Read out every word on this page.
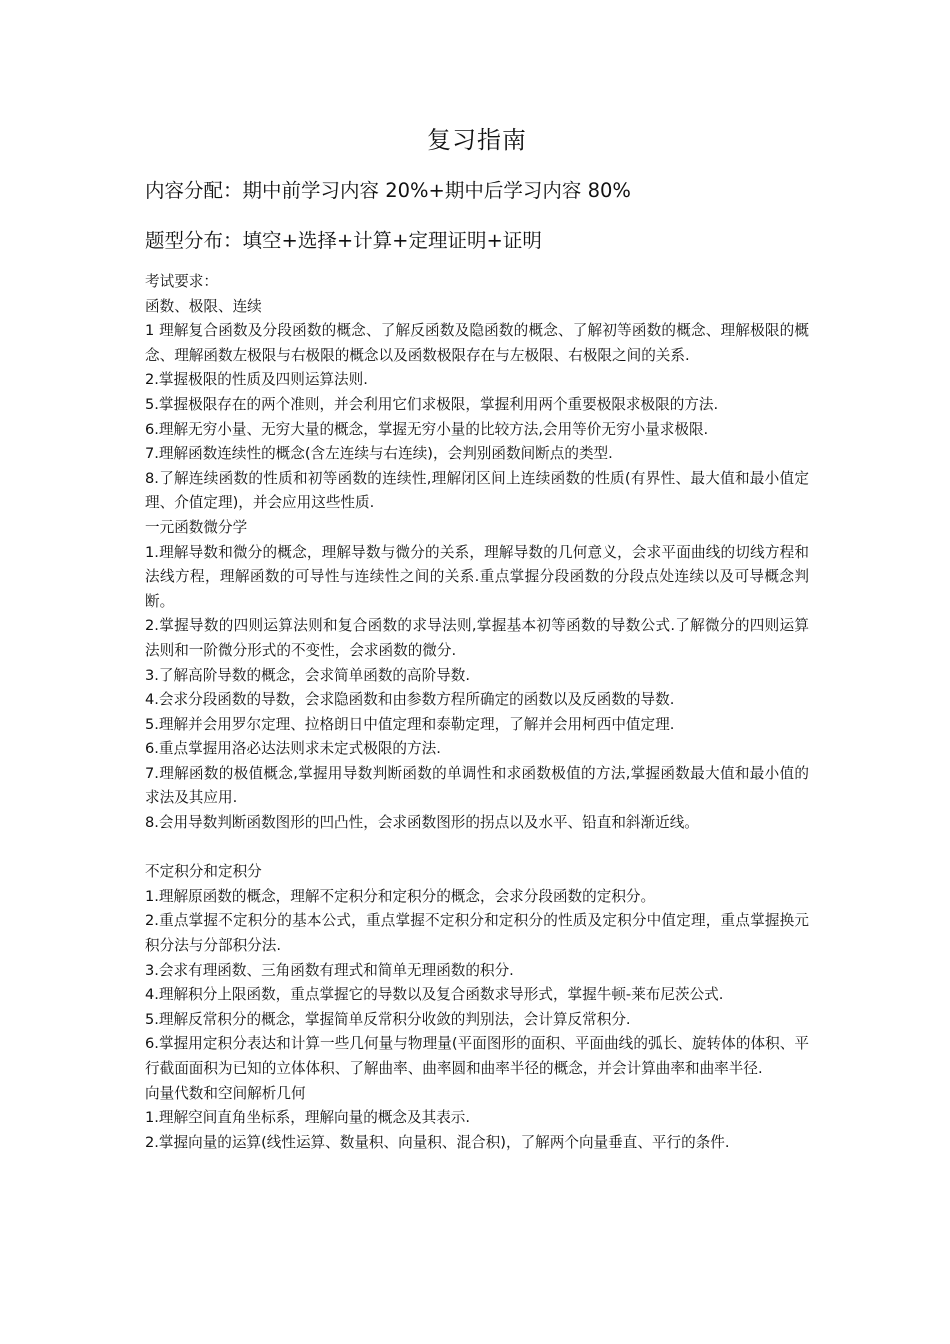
复习指南
内容分配：期中前学习内容 20%+期中后学习内容 80%
题型分布：填空+选择+计算+定理证明+证明
考试要求：
函数、极限、连续
1 理解复合函数及分段函数的概念、了解反函数及隐函数的概念、了解初等函数的概念、理解极限的概念、理解函数左极限与右极限的概念以及函数极限存在与左极限、右极限之间的关系.
2.掌握极限的性质及四则运算法则.
5.掌握极限存在的两个准则，并会利用它们求极限，掌握利用两个重要极限求极限的方法.
6.理解无穷小量、无穷大量的概念，掌握无穷小量的比较方法,会用等价无穷小量求极限.
7.理解函数连续性的概念(含左连续与右连续)，会判别函数间断点的类型.
8.了解连续函数的性质和初等函数的连续性,理解闭区间上连续函数的性质(有界性、最大值和最小值定理、介值定理)，并会应用这些性质.
一元函数微分学
1.理解导数和微分的概念，理解导数与微分的关系，理解导数的几何意义，会求平面曲线的切线方程和法线方程，理解函数的可导性与连续性之间的关系.重点掌握分段函数的分段点处连续以及可导概念判断。
2.掌握导数的四则运算法则和复合函数的求导法则,掌握基本初等函数的导数公式.了解微分的四则运算法则和一阶微分形式的不变性，会求函数的微分.
3.了解高阶导数的概念，会求简单函数的高阶导数.
4.会求分段函数的导数，会求隐函数和由参数方程所确定的函数以及反函数的导数.
5.理解并会用罗尔定理、拉格朗日中值定理和泰勒定理，了解并会用柯西中值定理.
6.重点掌握用洛必达法则求未定式极限的方法.
7.理解函数的极值概念,掌握用导数判断函数的单调性和求函数极值的方法,掌握函数最大值和最小值的求法及其应用.
8.会用导数判断函数图形的凹凸性，会求函数图形的拐点以及水平、铅直和斜渐近线。
不定积分和定积分
1.理解原函数的概念，理解不定积分和定积分的概念，会求分段函数的定积分。
2.重点掌握不定积分的基本公式，重点掌握不定积分和定积分的性质及定积分中值定理，重点掌握换元积分法与分部积分法.
3.会求有理函数、三角函数有理式和简单无理函数的积分.
4.理解积分上限函数，重点掌握它的导数以及复合函数求导形式，掌握牛顿-莱布尼茨公式.
5.理解反常积分的概念，掌握简单反常积分收敛的判别法，会计算反常积分.
6.掌握用定积分表达和计算一些几何量与物理量(平面图形的面积、平面曲线的弧长、旋转体的体积、平行截面面积为已知的立体体积、了解曲率、曲率圆和曲率半径的概念，并会计算曲率和曲率半径.
向量代数和空间解析几何
1.理解空间直角坐标系，理解向量的概念及其表示.
2.掌握向量的运算(线性运算、数量积、向量积、混合积)，了解两个向量垂直、平行的条件.
